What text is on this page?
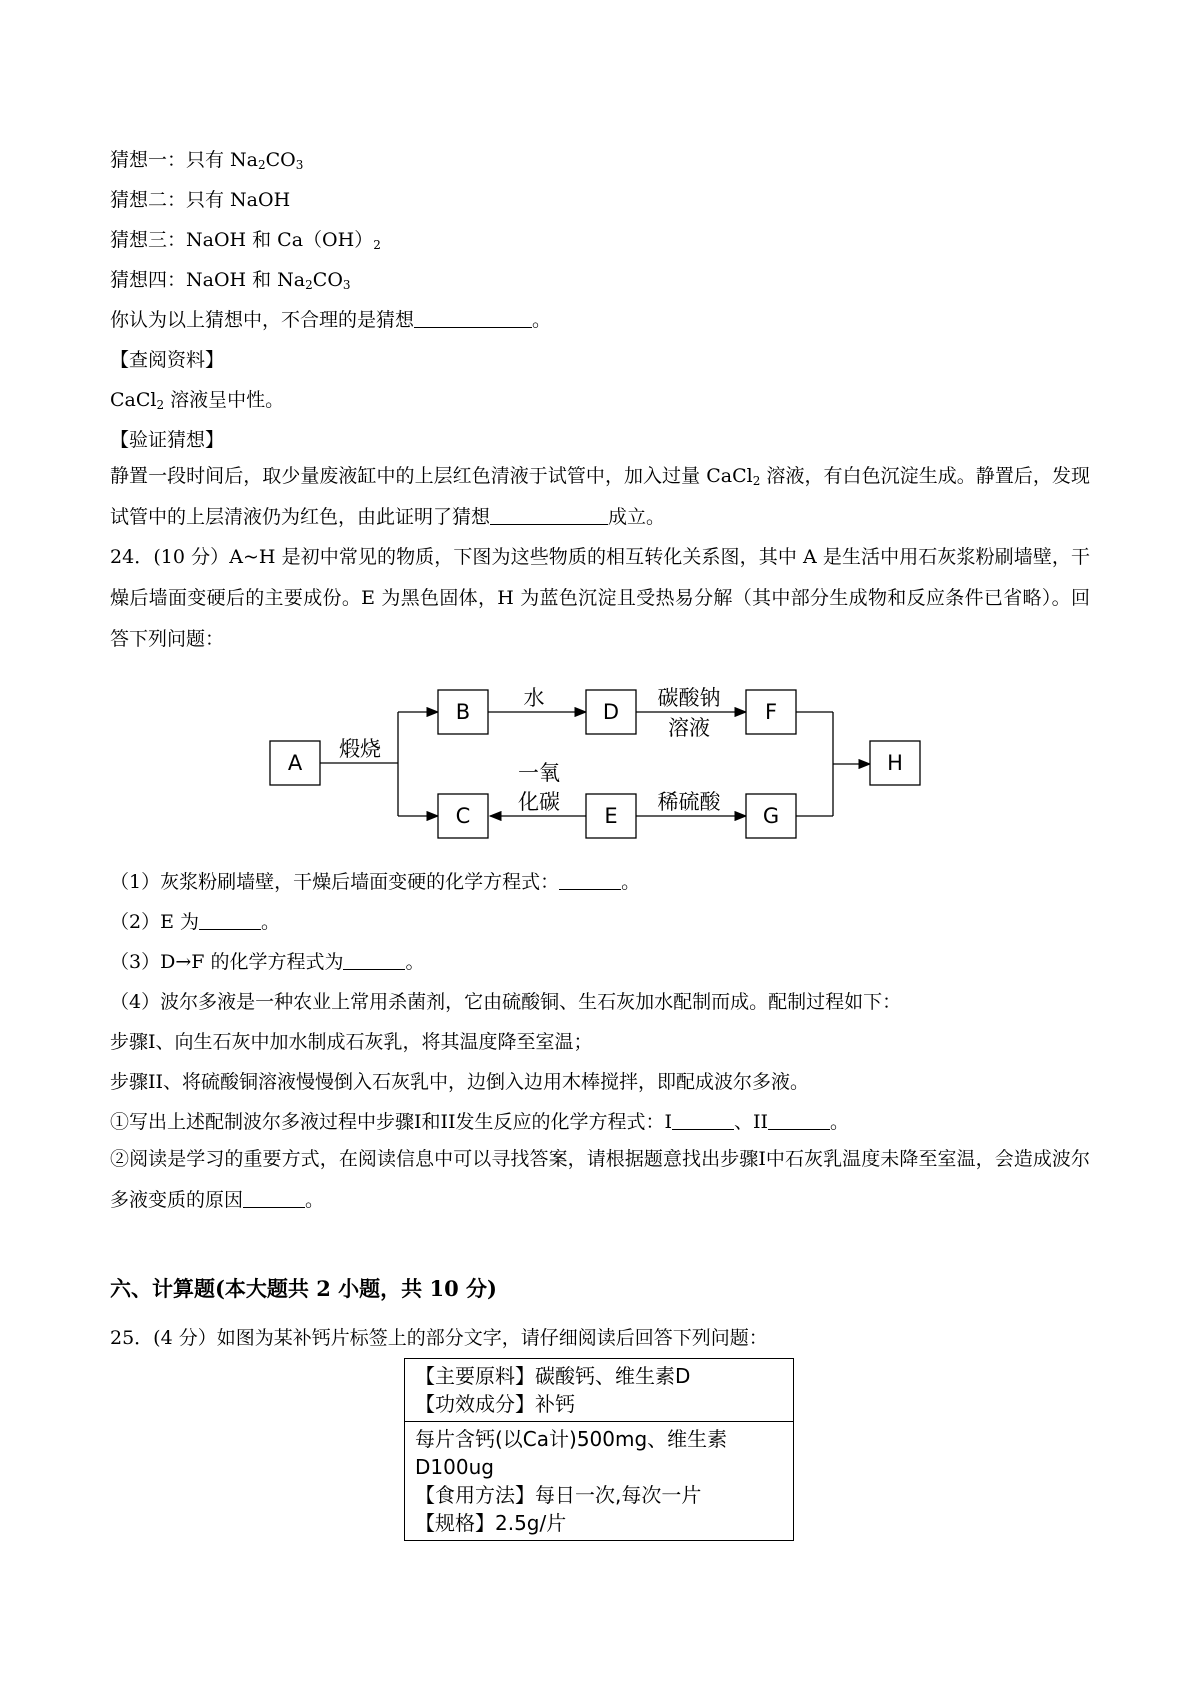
猜想一：只有 $Na_2CO_3$
猜想二：只有 NaOH
猜想三：NaOH 和 $Ca(OH)_2$
猜想四：NaOH 和 $Na_2CO_3$
你认为以上猜想中，不合理的是猜想	。
【查阅资料】
CaCl$_2$ 溶液呈中性。
【验证猜想】
静置一段时间后，取少量废液缸中的上层红色清液于试管中，加入过量 CaCl$_2$ 溶液，有白色沉淀生成。静置后，发现试管中的上层清液仍为红色，由此证明了猜想	成立。
24．(10 分）A~H 是初中常见的物质，下图为这些物质的相互转化关系图，其中 A 是生活中用石灰浆粉刷墙壁，干燥后墙面变硬后的主要成份。E 为黑色固体，H 为蓝色沉淀且受热易分解（其中部分生成物和反应条件已省略）。回答下列问题：
A
B	D	F
C	E	G
H
煅烧
水	碳酸钠
溶液
一氧
化碳	稀硫酸
（1）灰浆粉刷墙壁，干燥后墙面变硬的化学方程式：	。
（2）E 为	。
（3）D→F 的化学方程式为	。
（4）波尔多液是一种农业上常用杀菌剂，它由硫酸铜、生石灰加水配制而成。配制过程如下：
步骤I、向生石灰中加水制成石灰乳，将其温度降至室温；
步骤II、将硫酸铜溶液慢慢倒入石灰乳中，边倒入边用木棒搅拌，即配成波尔多液。
①写出上述配制波尔多液过程中步骤I和II发生反应的化学方程式：I	、II	。
②阅读是学习的重要方式，在阅读信息中可以寻找答案，请根据题意找出步骤I中石灰乳温度未降至室温，会造成波尔多液变质的原因	。
六、计算题(本大题共 2 小题，共 10 分)
25．(4 分）如图为某补钙片标签上的部分文字，请仔细阅读后回答下列问题：
【主要原料】碳酸钙、维生素D
【功效成分】补钙

每片含钙(以Ca计)500mg、维生素
D100ug
【食用方法】每日一次,每次一片
【规格】2.5g/片
